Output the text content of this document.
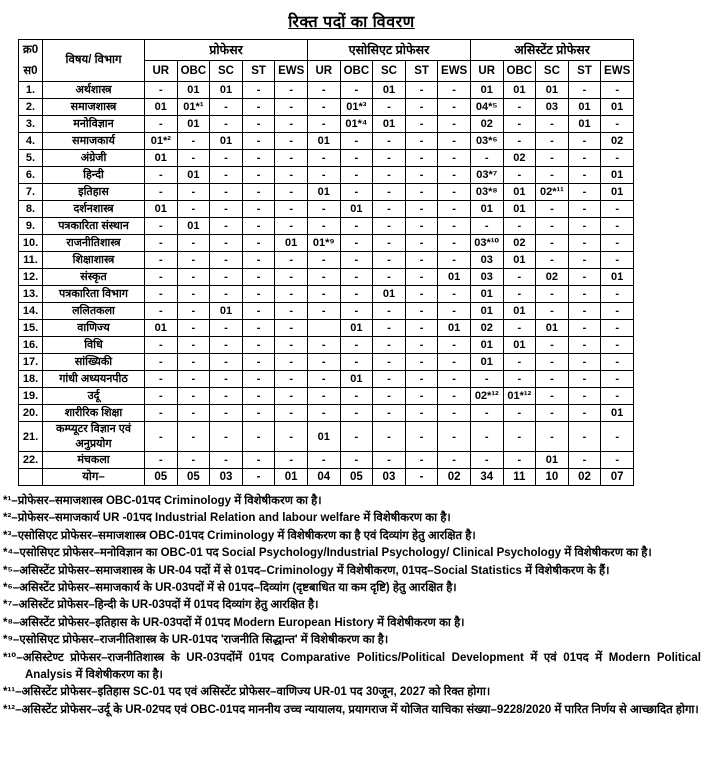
रिक्त पदों का विवरण
क्र0
स0	विषय/ विभाग	प्रोफेसर					एसोसिएट प्रोफेसर					असिस्टेंट प्रोफेसर				
		UR	OBC	SC	ST	EWS	UR	OBC	SC	ST	EWS	UR	OBC	SC	ST	EWS
1.	अर्थशास्त्र	-	01	01	-	-	-	-	01	-	-	01	01	01	-	-
2.	समाजशास्त्र	01	01*¹	-	-	-	-	01*³	-	-	-	04*⁵	-	03	01	01
3.	मनोविज्ञान	-	01	-	-	-	-	01*⁴	01	-	-	02	-	-	01	-
4.	समाजकार्य	01*²	-	01	-	-	01	-	-	-	-	03*⁶	-	-	-	02
5.	अंग्रेजी	01	-	-	-	-	-	-	-	-	-	-	02	-	-	-
6.	हिन्दी	-	01	-	-	-	-	-	-	-	-	03*⁷	-	-	-	01
7.	इतिहास	-	-	-	-	-	01	-	-	-	-	03*⁸	01	02*¹¹	-	01
8.	दर्शनशास्त्र	01	-	-	-	-	-	01	-	-	-	01	01	-	-	-
9.	पत्रकारिता संस्थान	-	01	-	-	-	-	-	-	-	-	-	-	-	-	-
10.	राजनीतिशास्त्र	-	-	-	-	01	01*⁹	-	-	-	-	03*¹⁰	02	-	-	-
11.	शिक्षाशास्त्र	-	-	-	-	-	-	-	-	-	-	03	01	-	-	-
12.	संस्कृत	-	-	-	-	-	-	-	-	-	01	03	-	02	-	01
13.	पत्रकारिता विभाग	-	-	-	-	-	-	-	01	-	-	01	-	-	-	-
14.	ललितकला	-	-	01	-	-	-	-	-	-	-	01	01	-	-	-
15.	वाणिज्य	01	-	-	-	-		01	-	-	01	02	-	01	-	-
16.	विधि	-	-	-	-	-	-	-	-	-	-	01	01	-	-	-
17.	सांख्यिकी	-	-	-	-	-	-	-	-	-	-	01	-	-	-	-
18.	गांधी अध्ययनपीठ	-	-	-	-	-	-	01	-	-	-	-	-	-	-	-
19.	उर्दू	-	-	-	-	-	-	-	-	-	-	02*¹²	01*¹²	-	-	-
20.	शारीरिक शिक्षा	-	-	-	-	-	-	-	-	-	-	-	-	-	-	01
21.	कम्प्यूटर विज्ञान एवं अनुप्रयोग	-	-	-	-	-	01	-	-	-	-	-	-	-	-	-
22.	मंचकला	-	-	-	-	-	-	-	-	-	-	-	-	01	-	-
	योग–	05	05	03	-	01	04	05	03	-	02	34	11	10	02	07
*¹–प्रोफेसर–समाजशास्त्र OBC-01पद Criminology में विशेषीकरण का है।
*²–प्रोफेसर–समाजकार्य UR -01पद Industrial Relation and labour welfare में विशेषीकरण का है।
*³–एसोसिएट प्रोफेसर–समाजशास्त्र OBC-01पद Criminology में विशेषीकरण का है एवं दिव्यांग हेतु आरक्षित है।
*⁴–एसोसिएट प्रोफेसर–मनोविज्ञान का OBC-01 पद Social Psychology/Industrial Psychology/ Clinical Psychology में विशेषीकरण का है।
*⁵–असिस्टेंट प्रोफेसर–समाजशास्त्र के UR-04 पदों में से 01पद–Criminology में विशेषीकरण, 01पद–Social Statistics में विशेषीकरण के हैं।
*⁶–असिस्टेंट प्रोफेसर–समाजकार्य के UR-03पदों में से 01पद–दिव्यांग (दृष्टबाधित या कम दृष्टि) हेतु आरक्षित है।
*⁷–असिस्टेंट प्रोफेसर–हिन्दी के UR-03पदों में 01पद दिव्यांग हेतु आरक्षित है।
*⁸–असिस्टेंट प्रोफेसर–इतिहास के UR-03पदों में 01पद Modern European History में विशेषीकरण का है।
*⁹–एसोसिएट प्रोफेसर–राजनीतिशास्त्र के UR-01पद 'राजनीति सिद्धान्त' में विशेषीकरण का है।
*¹⁰–असिस्टेण्ट प्रोफेसर–राजनीतिशास्त्र के UR-03पदोंमें 01पद Comparative Politics/Political Development में एवं 01पद में Modern Political Analysis में विशेषीकरण का है।
*¹¹–असिस्टेंट प्रोफेसर–इतिहास SC-01 पद एवं असिस्टेंट प्रोफेसर–वाणिज्य UR-01 पद 30जून, 2027 को रिक्त होगा।
*¹²–असिस्टेंट प्रोफेसर–उर्दू के UR-02पद एवं OBC-01पद माननीय उच्च न्यायालय, प्रयागराज में योजित याचिका संख्या–9228/2020 में पारित निर्णय से आच्छादित होगा।
